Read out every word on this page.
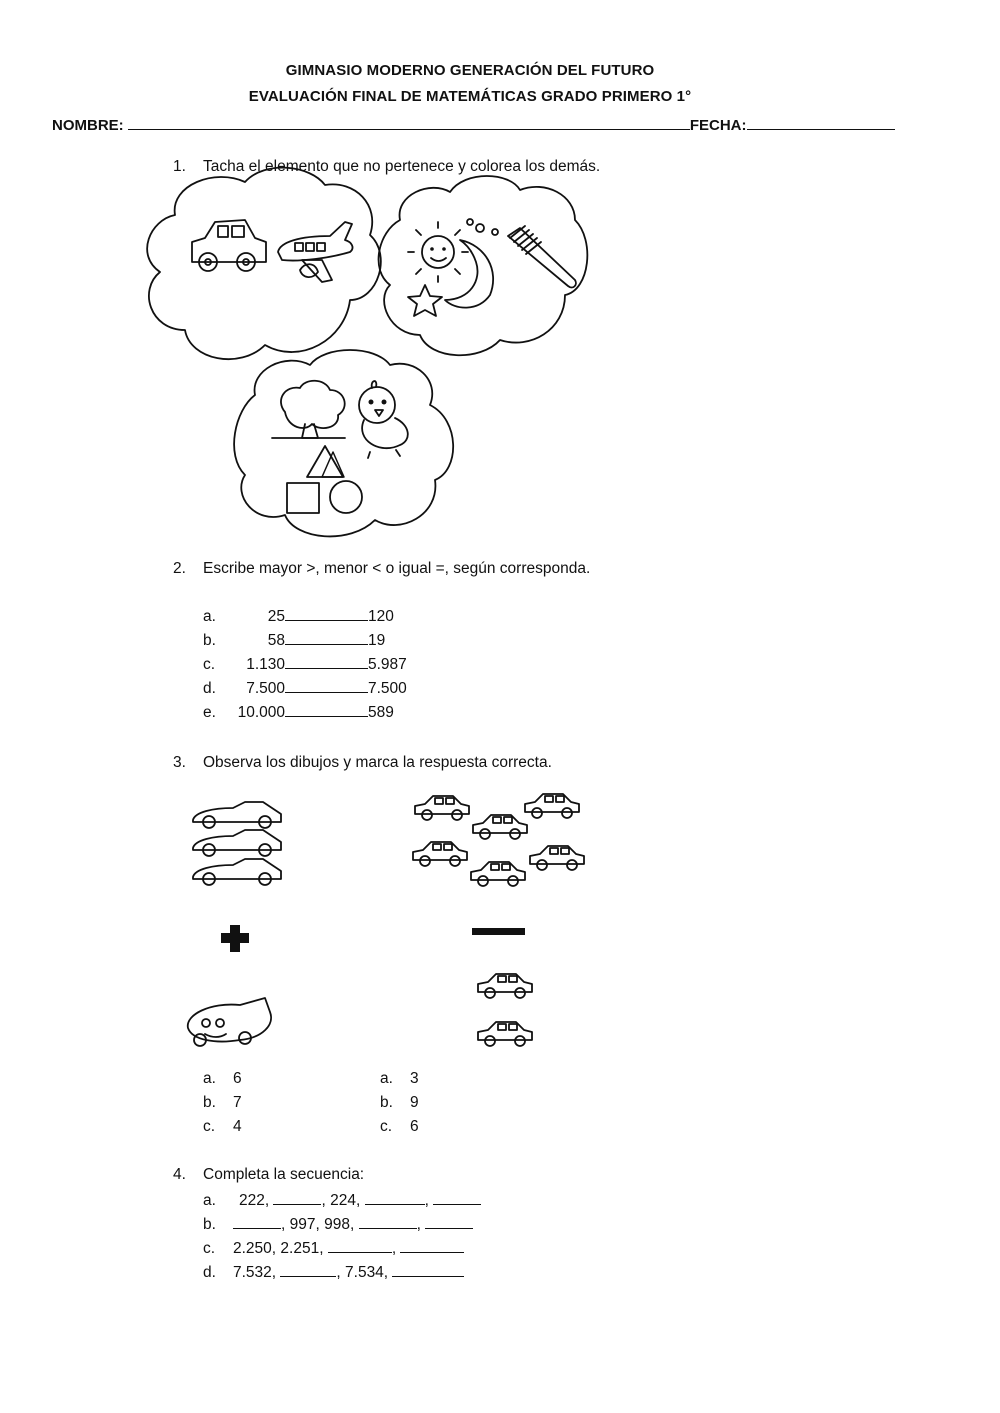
GIMNASIO MODERNO GENERACIÓN DEL FUTURO
EVALUACIÓN FINAL DE MATEMÁTICAS GRADO PRIMERO 1°
NOMBRE:	FECHA:
1. Tacha el elemento que no pertenece y colorea los demás.
2. Escribe mayor >, menor < o igual =, según corresponda.
a.	25	120
b.	58	19
c. 1.130	5.987
d. 7.500	7.500
e. 10.000	589
3. Observa los dibujos y marca la respuesta correcta.
a. 6
b. 7
c. 4
a. 3
b. 9
c. 6
4. Completa la secuencia:
a. 222,	, 224,	,
b.	, 997, 998,	,
c. 2.250, 2.251,	,
d. 7.532,	, 7.534,
